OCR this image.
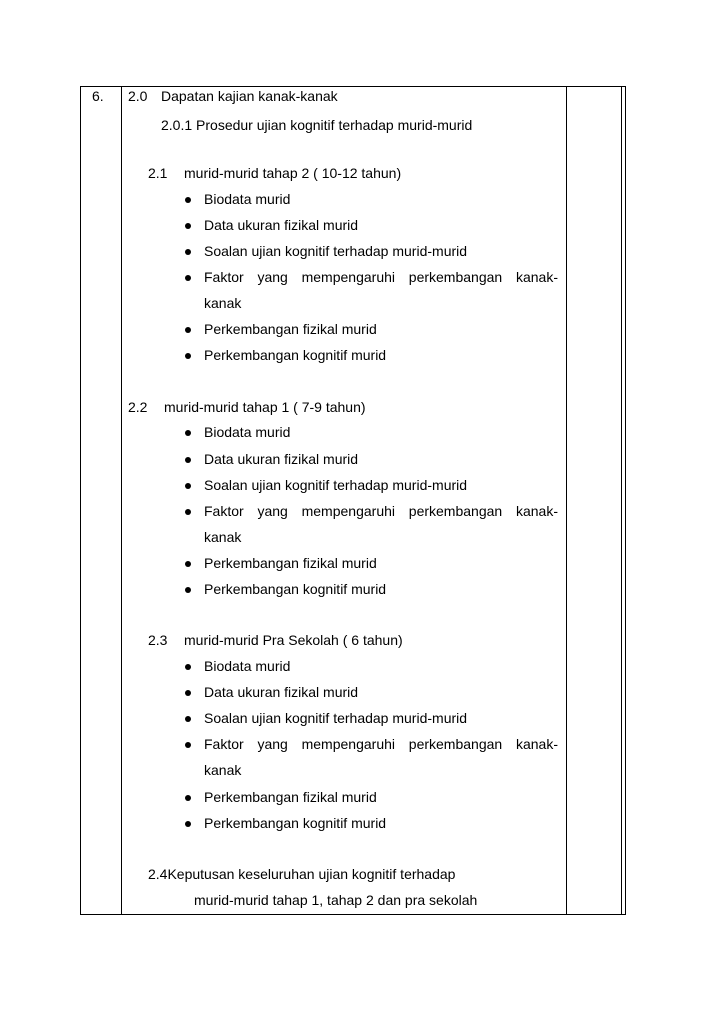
6. 2.0 Dapatan kajian kanak-kanak
2.0.1 Prosedur ujian kognitif terhadap murid-murid
2.1 murid-murid tahap 2 ( 10-12 tahun)
Biodata murid
Data ukuran fizikal murid
Soalan ujian kognitif terhadap murid-murid
Faktor yang mempengaruhi perkembangan kanak-
kanak
Perkembangan fizikal murid
Perkembangan kognitif murid
2.2 murid-murid tahap 1 ( 7-9 tahun)
Biodata murid
Data ukuran fizikal murid
Soalan ujian kognitif terhadap murid-murid
Faktor yang mempengaruhi perkembangan kanak-
kanak
Perkembangan fizikal murid
Perkembangan kognitif murid
2.3 murid-murid Pra Sekolah ( 6 tahun)
Biodata murid
Data ukuran fizikal murid
Soalan ujian kognitif terhadap murid-murid
Faktor yang mempengaruhi perkembangan kanak-
kanak
Perkembangan fizikal murid
Perkembangan kognitif murid
2.4Keputusan keseluruhan ujian kognitif terhadap
murid-murid tahap 1, tahap 2 dan pra sekolah
